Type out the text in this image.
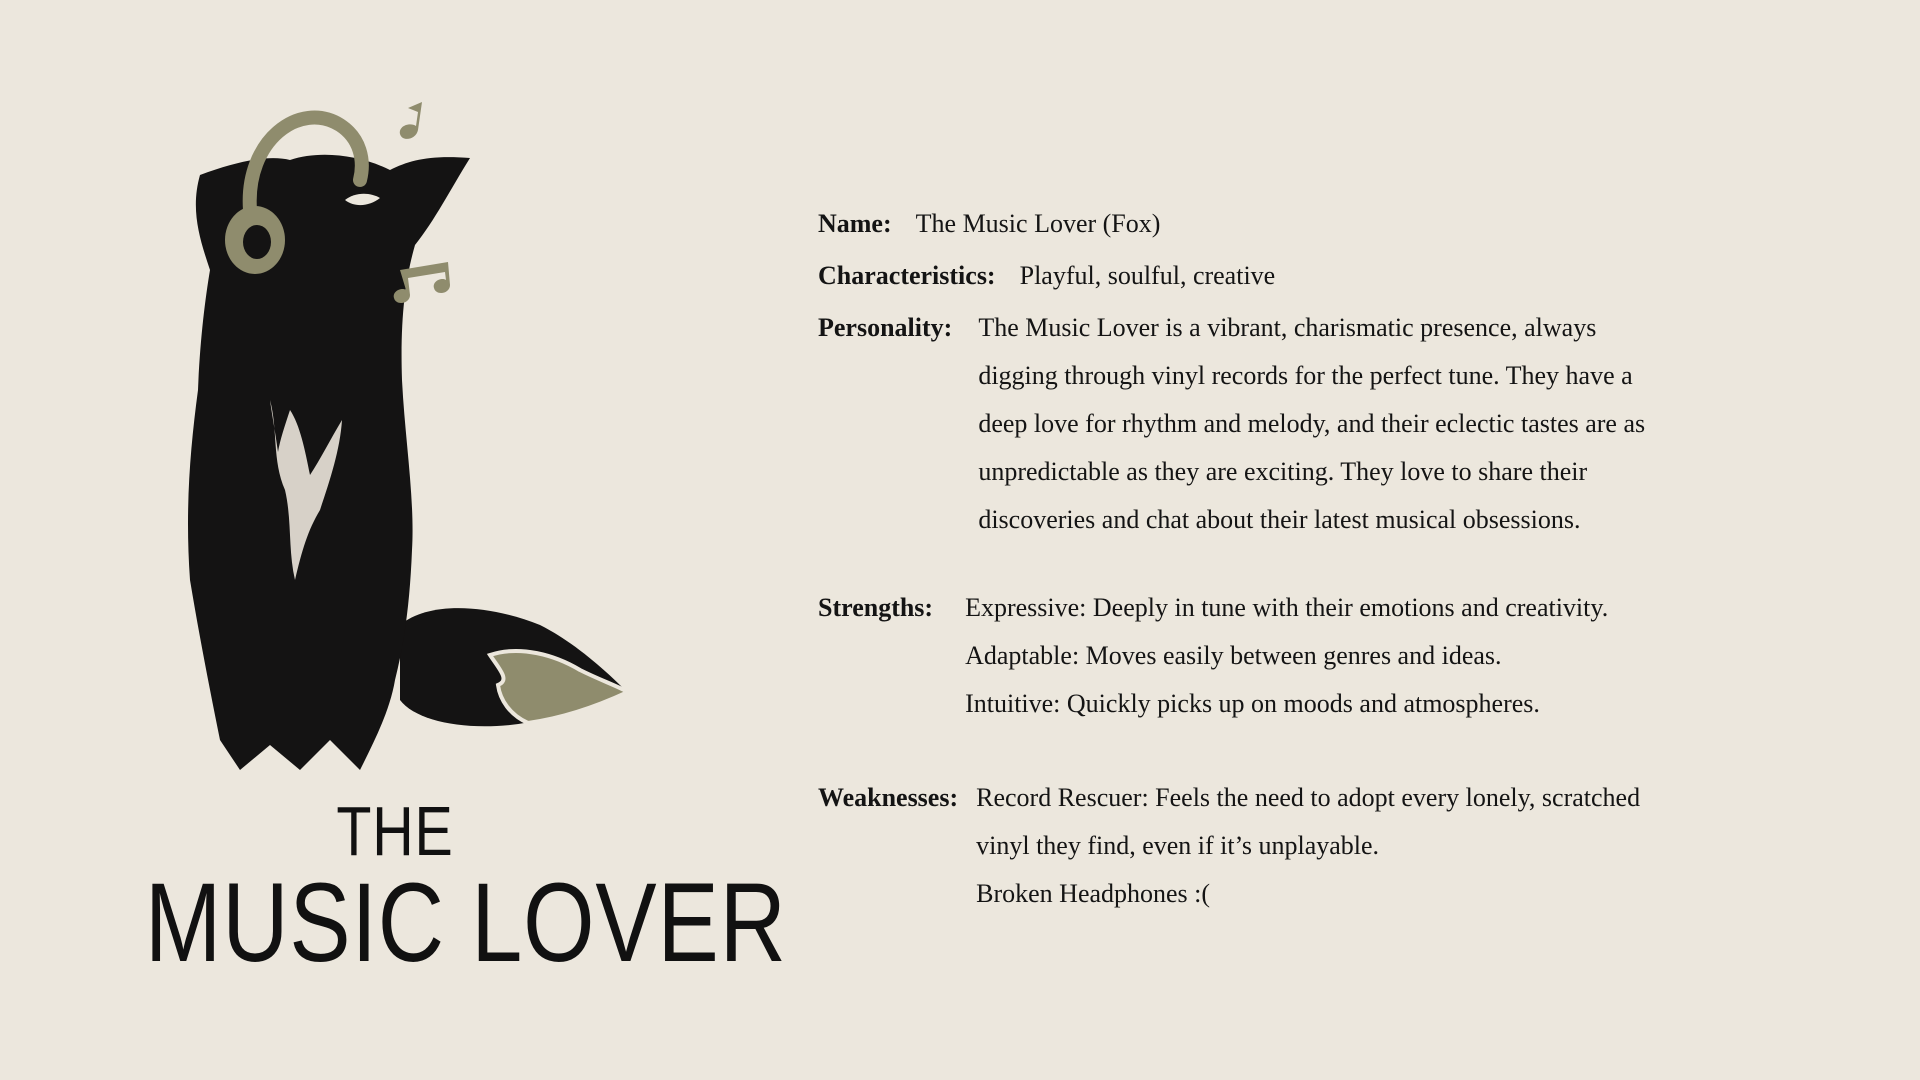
THE
MUSIC LOVER
Name: The Music Lover (Fox)
Characteristics: Playful, soulful, creative
Personality: The Music Lover is a vibrant, charismatic presence, always
digging through vinyl records for the perfect tune. They have a
deep love for rhythm and melody, and their eclectic tastes are as
unpredictable as they are exciting. They love to share their
discoveries and chat about their latest musical obsessions.
Strengths: Expressive: Deeply in tune with their emotions and creativity.
Adaptable: Moves easily between genres and ideas.
Intuitive: Quickly picks up on moods and atmospheres.
Weaknesses: Record Rescuer: Feels the need to adopt every lonely, scratched
vinyl they find, even if it’s unplayable.
Broken Headphones :(
